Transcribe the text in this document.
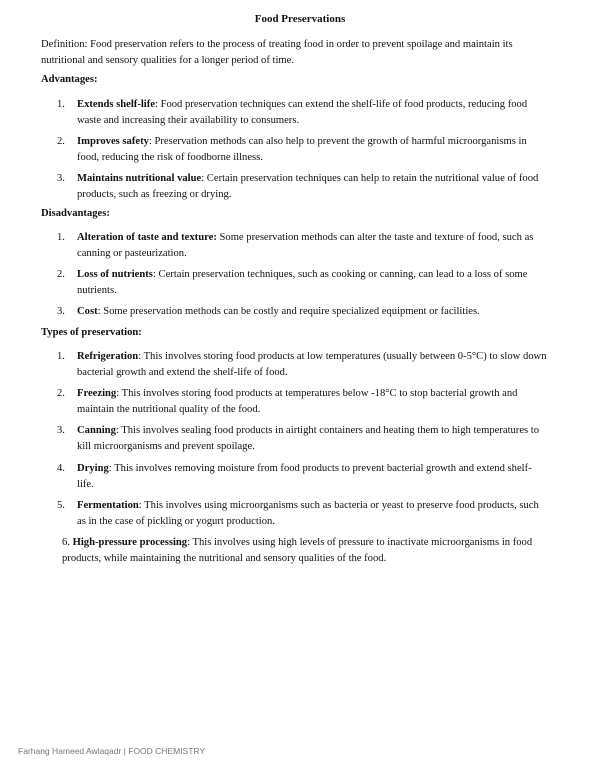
Food Preservations
Definition: Food preservation refers to the process of treating food in order to prevent spoilage and maintain its nutritional and sensory qualities for a longer period of time.
Advantages:
1. Extends shelf-life: Food preservation techniques can extend the shelf-life of food products, reducing food waste and increasing their availability to consumers.
2. Improves safety: Preservation methods can also help to prevent the growth of harmful microorganisms in food, reducing the risk of foodborne illness.
3. Maintains nutritional value: Certain preservation techniques can help to retain the nutritional value of food products, such as freezing or drying.
Disadvantages:
1. Alteration of taste and texture: Some preservation methods can alter the taste and texture of food, such as canning or pasteurization.
2. Loss of nutrients: Certain preservation techniques, such as cooking or canning, can lead to a loss of some nutrients.
3. Cost: Some preservation methods can be costly and require specialized equipment or facilities.
Types of preservation:
1. Refrigeration: This involves storing food products at low temperatures (usually between 0-5°C) to slow down bacterial growth and extend the shelf-life of food.
2. Freezing: This involves storing food products at temperatures below -18°C to stop bacterial growth and maintain the nutritional quality of the food.
3. Canning: This involves sealing food products in airtight containers and heating them to high temperatures to kill microorganisms and prevent spoilage.
4. Drying: This involves removing moisture from food products to prevent bacterial growth and extend shelf-life.
5. Fermentation: This involves using microorganisms such as bacteria or yeast to preserve food products, such as in the case of pickling or yogurt production.
6. High-pressure processing: This involves using high levels of pressure to inactivate microorganisms in food products, while maintaining the nutritional and sensory qualities of the food.
Farhang Hameed Awlaqadr | FOOD CHEMISTRY
